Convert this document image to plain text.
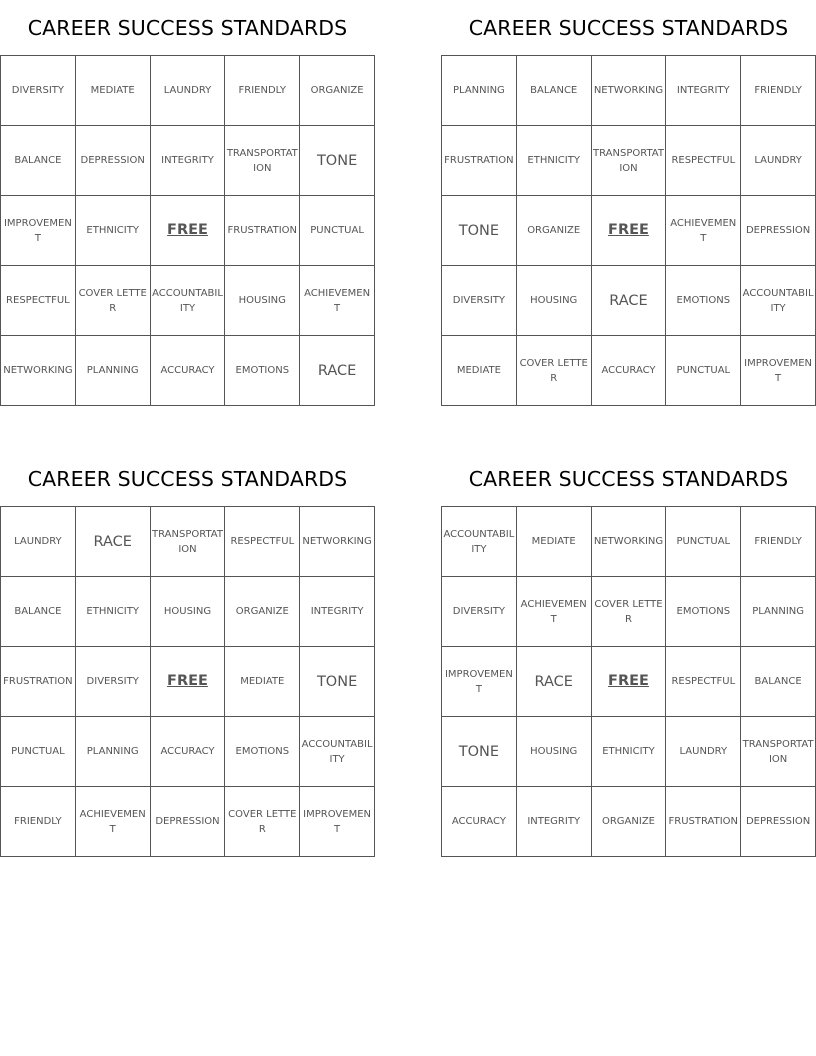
CAREER SUCCESS STANDARDS
DIVERSITY	MEDIATE	LAUNDRY	FRIENDLY	ORGANIZE
BALANCE	DEPRESSION	INTEGRITY	TRANSPORTATION	TONE
IMPROVEMENT	ETHNICITY	FREE	FRUSTRATION	PUNCTUAL
RESPECTFUL	COVER LETTER	ACCOUNTABILITY	HOUSING	ACHIEVEMENT
NETWORKING	PLANNING	ACCURACY	EMOTIONS	RACE
CAREER SUCCESS STANDARDS
PLANNING	BALANCE	NETWORKING	INTEGRITY	FRIENDLY
FRUSTRATION	ETHNICITY	TRANSPORTATION	RESPECTFUL	LAUNDRY
TONE	ORGANIZE	FREE	ACHIEVEMENT	DEPRESSION
DIVERSITY	HOUSING	RACE	EMOTIONS	ACCOUNTABILITY
MEDIATE	COVER LETTER	ACCURACY	PUNCTUAL	IMPROVEMENT
CAREER SUCCESS STANDARDS
LAUNDRY	RACE	TRANSPORTATION	RESPECTFUL	NETWORKING
BALANCE	ETHNICITY	HOUSING	ORGANIZE	INTEGRITY
FRUSTRATION	DIVERSITY	FREE	MEDIATE	TONE
PUNCTUAL	PLANNING	ACCURACY	EMOTIONS	ACCOUNTABILITY
FRIENDLY	ACHIEVEMENT	DEPRESSION	COVER LETTER	IMPROVEMENT
CAREER SUCCESS STANDARDS
ACCOUNTABILITY	MEDIATE	NETWORKING	PUNCTUAL	FRIENDLY
DIVERSITY	ACHIEVEMENT	COVER LETTER	EMOTIONS	PLANNING
IMPROVEMENT	RACE	FREE	RESPECTFUL	BALANCE
TONE	HOUSING	ETHNICITY	LAUNDRY	TRANSPORTATION
ACCURACY	INTEGRITY	ORGANIZE	FRUSTRATION	DEPRESSION
